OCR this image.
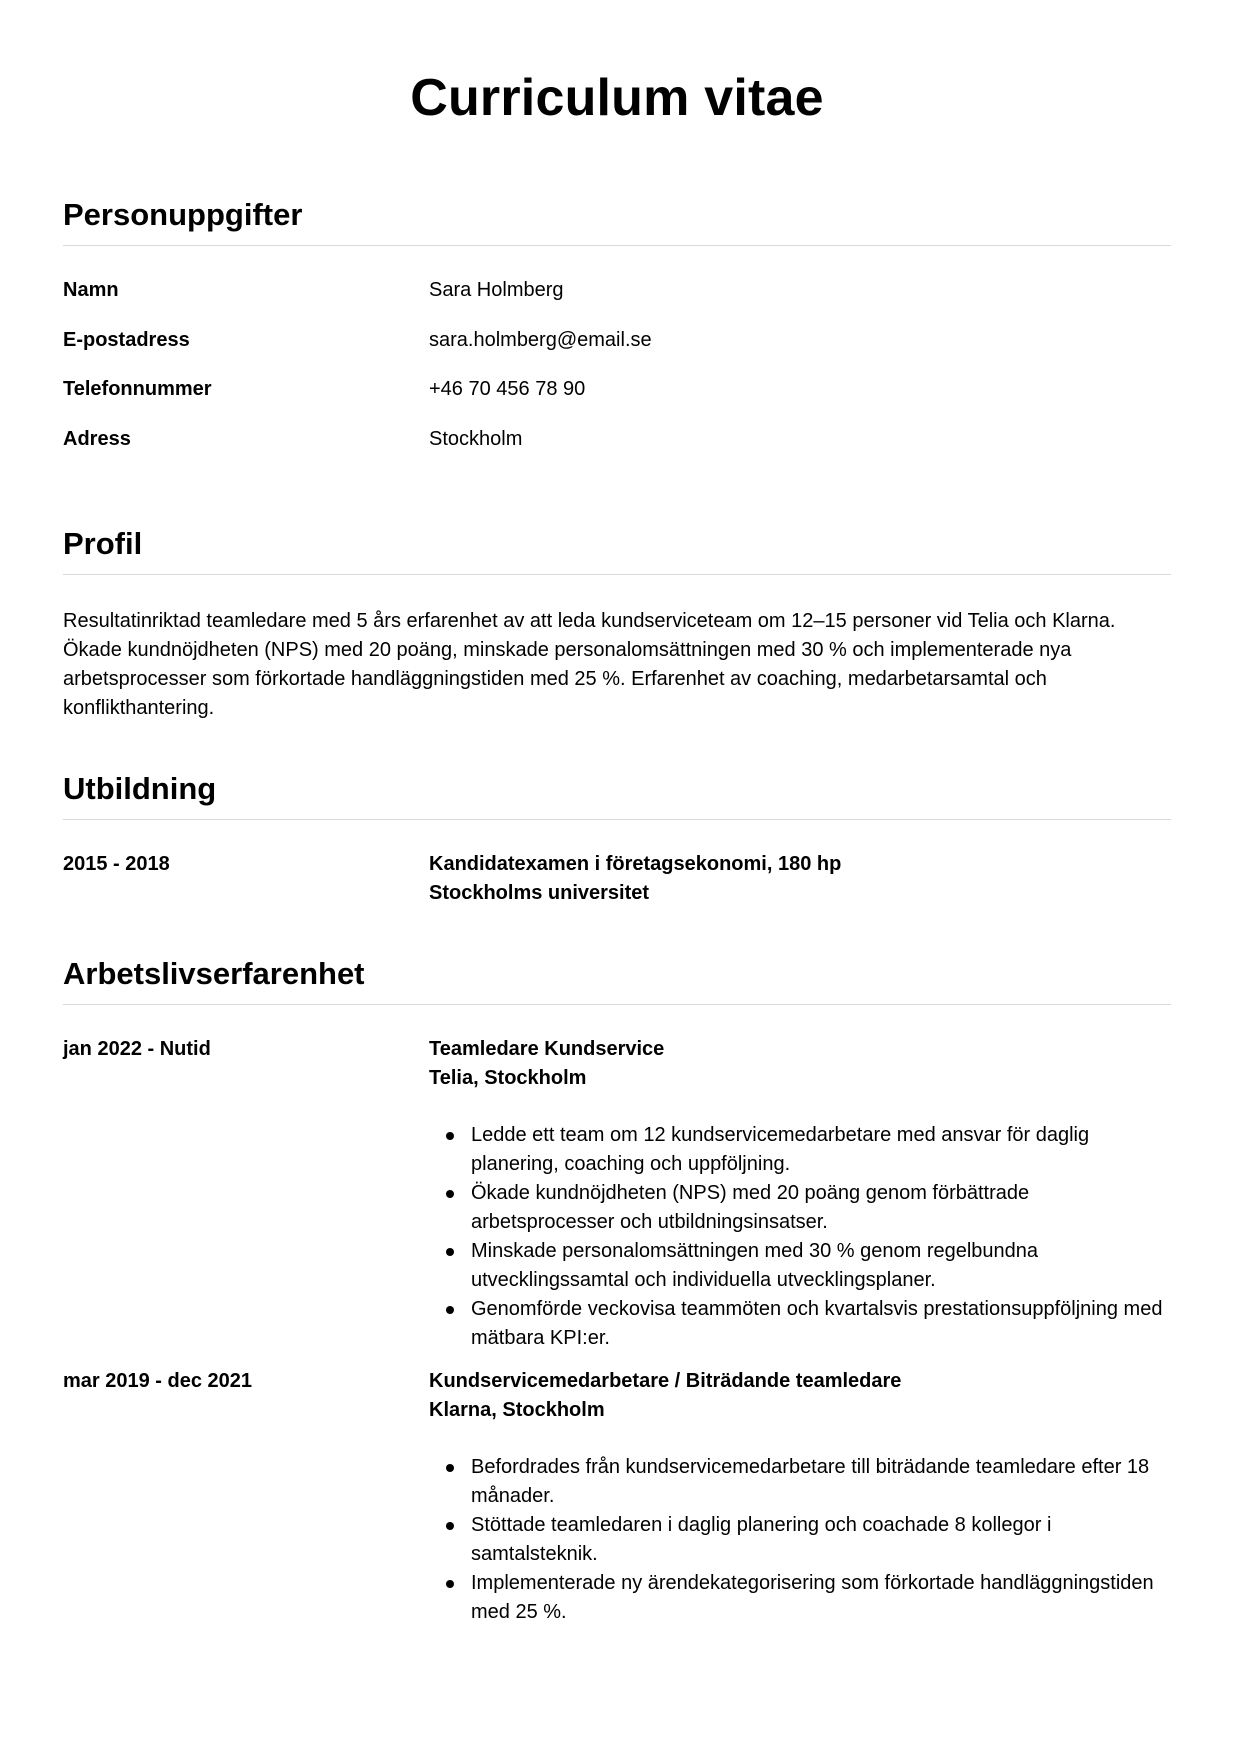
Curriculum vitae
Personuppgifter
Namn	Sara Holmberg
E-postadress	sara.holmberg@email.se
Telefonnummer	+46 70 456 78 90
Adress	Stockholm
Profil

Resultatinriktad teamledare med 5 års erfarenhet av att leda kundserviceteam om 12–15 personer vid Telia och Klarna. Ökade kundnöjdheten (NPS) med 20 poäng, minskade personalomsättningen med 30 % och implementerade nya arbetsprocesser som förkortade handläggningstiden med 25 %. Erfarenhet av coaching, medarbetarsamtal och konflikthantering.

Utbildning
2015 - 2018	Kandidatexamen i företagsekonomi, 180 hp
Stockholms universitet
Arbetslivserfarenhet
jan 2022 - Nutid	Teamledare Kundservice
Telia, Stockholm
Ledde ett team om 12 kundservicemedarbetare med ansvar för daglig planering, coaching och uppföljning.
Ökade kundnöjdheten (NPS) med 20 poäng genom förbättrade arbetsprocesser och utbildningsinsatser.
Minskade personalomsättningen med 30 % genom regelbundna utvecklingssamtal och individuella utvecklingsplaner.
Genomförde veckovisa teammöten och kvartalsvis prestationsuppföljning med mätbara KPI:er.
mar 2019 - dec 2021	Kundservicemedarbetare / Biträdande teamledare
Klarna, Stockholm
Befordrades från kundservicemedarbetare till biträdande teamledare efter 18 månader.
Stöttade teamledaren i daglig planering och coachade 8 kollegor i samtalsteknik.
Implementerade ny ärendekategorisering som förkortade handläggningstiden med 25 %.
